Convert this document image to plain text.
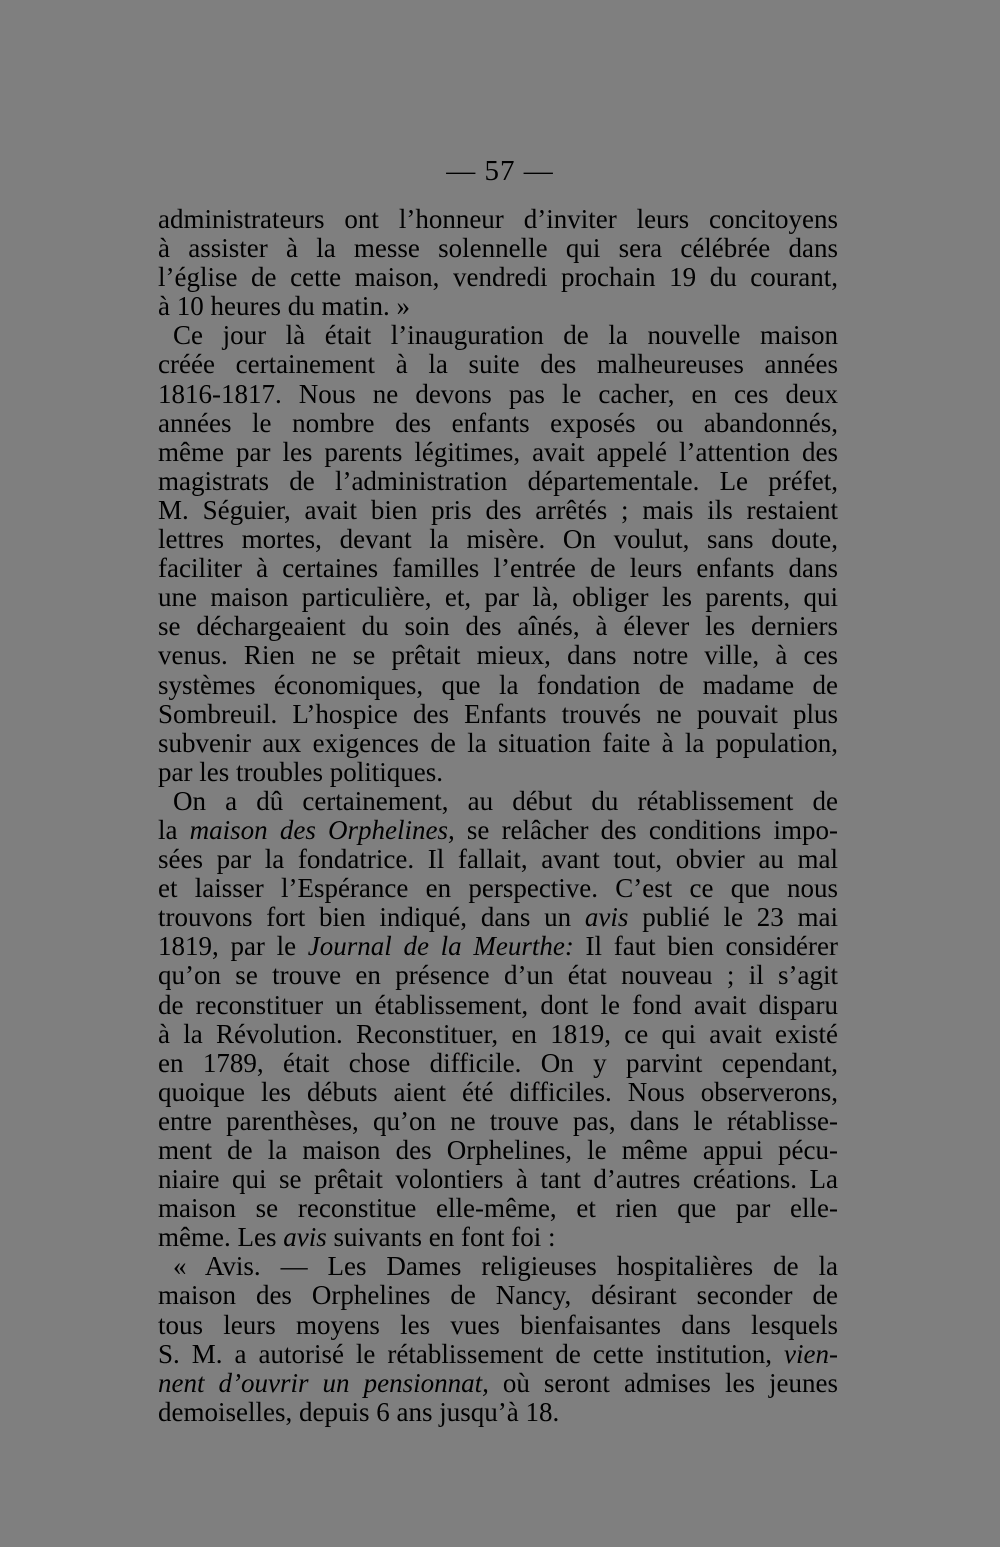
— 57 —
administrateurs ont l’honneur d’inviter leurs concitoyens
à assister à la messe solennelle qui sera célébrée dans
l’église de cette maison, vendredi prochain 19 du courant,
à 10 heures du matin. »
Ce jour là était l’inauguration de la nouvelle maison
créée certainement à la suite des malheureuses années
1816-1817. Nous ne devons pas le cacher, en ces deux
années le nombre des enfants exposés ou abandonnés,
même par les parents légitimes, avait appelé l’attention des
magistrats de l’administration départementale. Le préfet,
M. Séguier, avait bien pris des arrêtés ; mais ils restaient
lettres mortes, devant la misère. On voulut, sans doute,
faciliter à certaines familles l’entrée de leurs enfants dans
une maison particulière, et, par là, obliger les parents, qui
se déchargeaient du soin des aînés, à élever les derniers
venus. Rien ne se prêtait mieux, dans notre ville, à ces
systèmes économiques, que la fondation de madame de
Sombreuil. L’hospice des Enfants trouvés ne pouvait plus
subvenir aux exigences de la situation faite à la population,
par les troubles politiques.
On a dû certainement, au début du rétablissement de
la maison des Orphelines, se relâcher des conditions impo-
sées par la fondatrice. Il fallait, avant tout, obvier au mal
et laisser l’Espérance en perspective. C’est ce que nous
trouvons fort bien indiqué, dans un avis publié le 23 mai
1819, par le Journal de la Meurthe: Il faut bien considérer
qu’on se trouve en présence d’un état nouveau ; il s’agit
de reconstituer un établissement, dont le fond avait disparu
à la Révolution. Reconstituer, en 1819, ce qui avait existé
en 1789, était chose difficile. On y parvint cependant,
quoique les débuts aient été difficiles. Nous observerons,
entre parenthèses, qu’on ne trouve pas, dans le rétablisse-
ment de la maison des Orphelines, le même appui pécu-
niaire qui se prêtait volontiers à tant d’autres créations. La
maison se reconstitue elle-même, et rien que par elle-
même. Les avis suivants en font foi :
« Avis. — Les Dames religieuses hospitalières de la
maison des Orphelines de Nancy, désirant seconder de
tous leurs moyens les vues bienfaisantes dans lesquels
S. M. a autorisé le rétablissement de cette institution, vien-
nent d’ouvrir un pensionnat, où seront admises les jeunes
demoiselles, depuis 6 ans jusqu’à 18.
